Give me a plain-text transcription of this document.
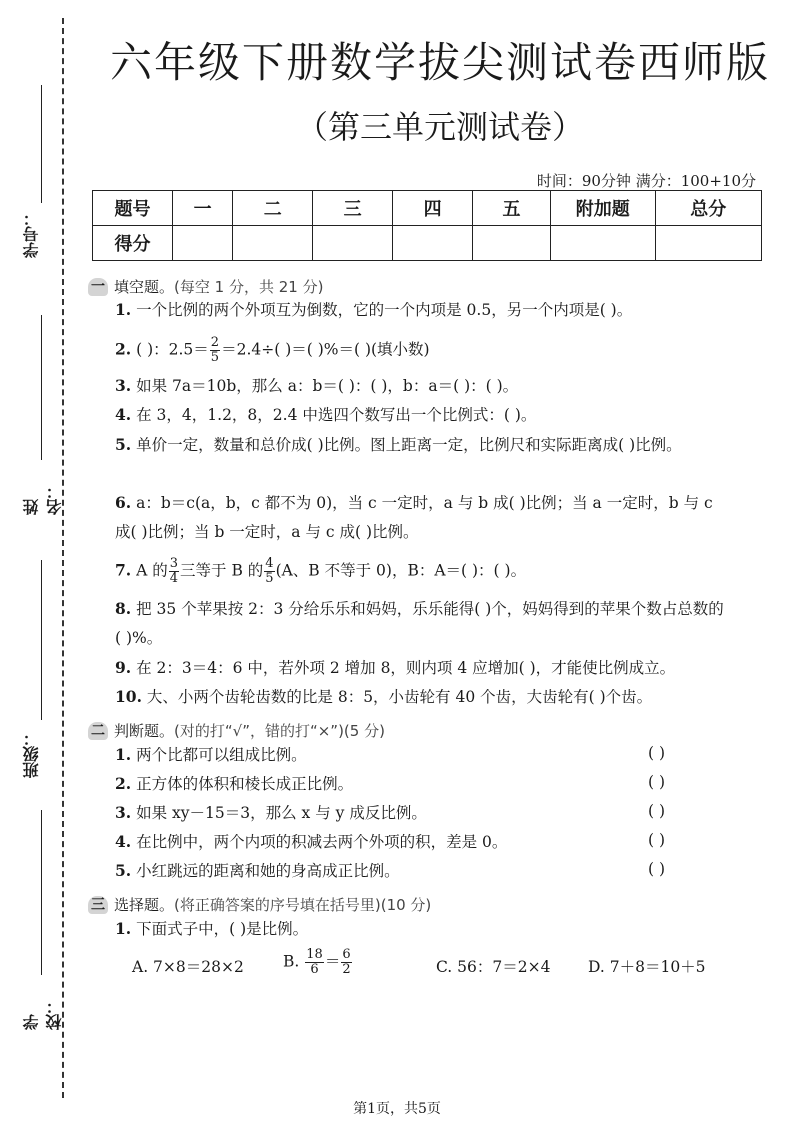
学号：
姓名：
班级：
学校：
六年级下册数学拔尖测试卷西师版
（第三单元测试卷）
时间：90分钟 满分：100+10分
题号	一	二	三	四	五	附加题	总分
得分							
一 填空题。 (每空 1 分，共 21 分)
1. 一个比例的两个外项互为倒数，它的一个内项是 0.5，另一个内项是( )。
2. ( )：$2.5= \frac{2}{5} =2.4\div$( )＝( )%＝( )(填小数)
3. 如果 7a＝10b，那么 a：b＝( )：( )，b：a＝( )：( )。
4. 在 3，4，1.2，8，2.4 中选四个数写出一个比例式：( )。
5. 单价一定，数量和总价成( )比例。图上距离一定，比例尺和实际距离成( )比例。
6. a：b＝c(a，b，c 都不为 0)，当 c 一定时，a 与 b 成( )比例；当 a 一定时，b 与 c 成( )比例；当 b 一定时，a 与 c 成( )比例。
7. A 的 $\frac{3}{4}$ 三等于 B 的 $\frac{4}{5} (A$、B 不等于 0)，B：A＝( )：( )。
8. 把 35 个苹果按 2：3 分给乐乐和妈妈，乐乐能得( )个，妈妈得到的苹果个数占总数的( )%。
9. 在 2：3＝4：6 中，若外项 2 增加 8，则内项 4 应增加( )，才能使比例成立。
10. 大、小两个齿轮齿数的比是 8：5，小齿轮有 40 个齿，大齿轮有( )个齿。
二 判断题。 (对的打“√”，错的打“×”)(5 分)
1. 两个比都可以组成比例。	( )
2. 正方体的体积和棱长成正比例。	( )
3. 如果 xy－15＝3，那么 x 与 y 成反比例。	( )
4. 在比例中，两个内项的积减去两个外项的积，差是 0。	( )
5. 小红跳远的距离和她的身高成正比例。	( )
三 选择题。 (将正确答案的序号填在括号里)(10 分)
1. 下面式子中，( )是比例。
A. 7×8＝28×2	B. $\frac{18}{6} = \frac{6}{2}$	C. 56：7＝2×4 D. 7＋8＝10＋5
第1页，共5页
